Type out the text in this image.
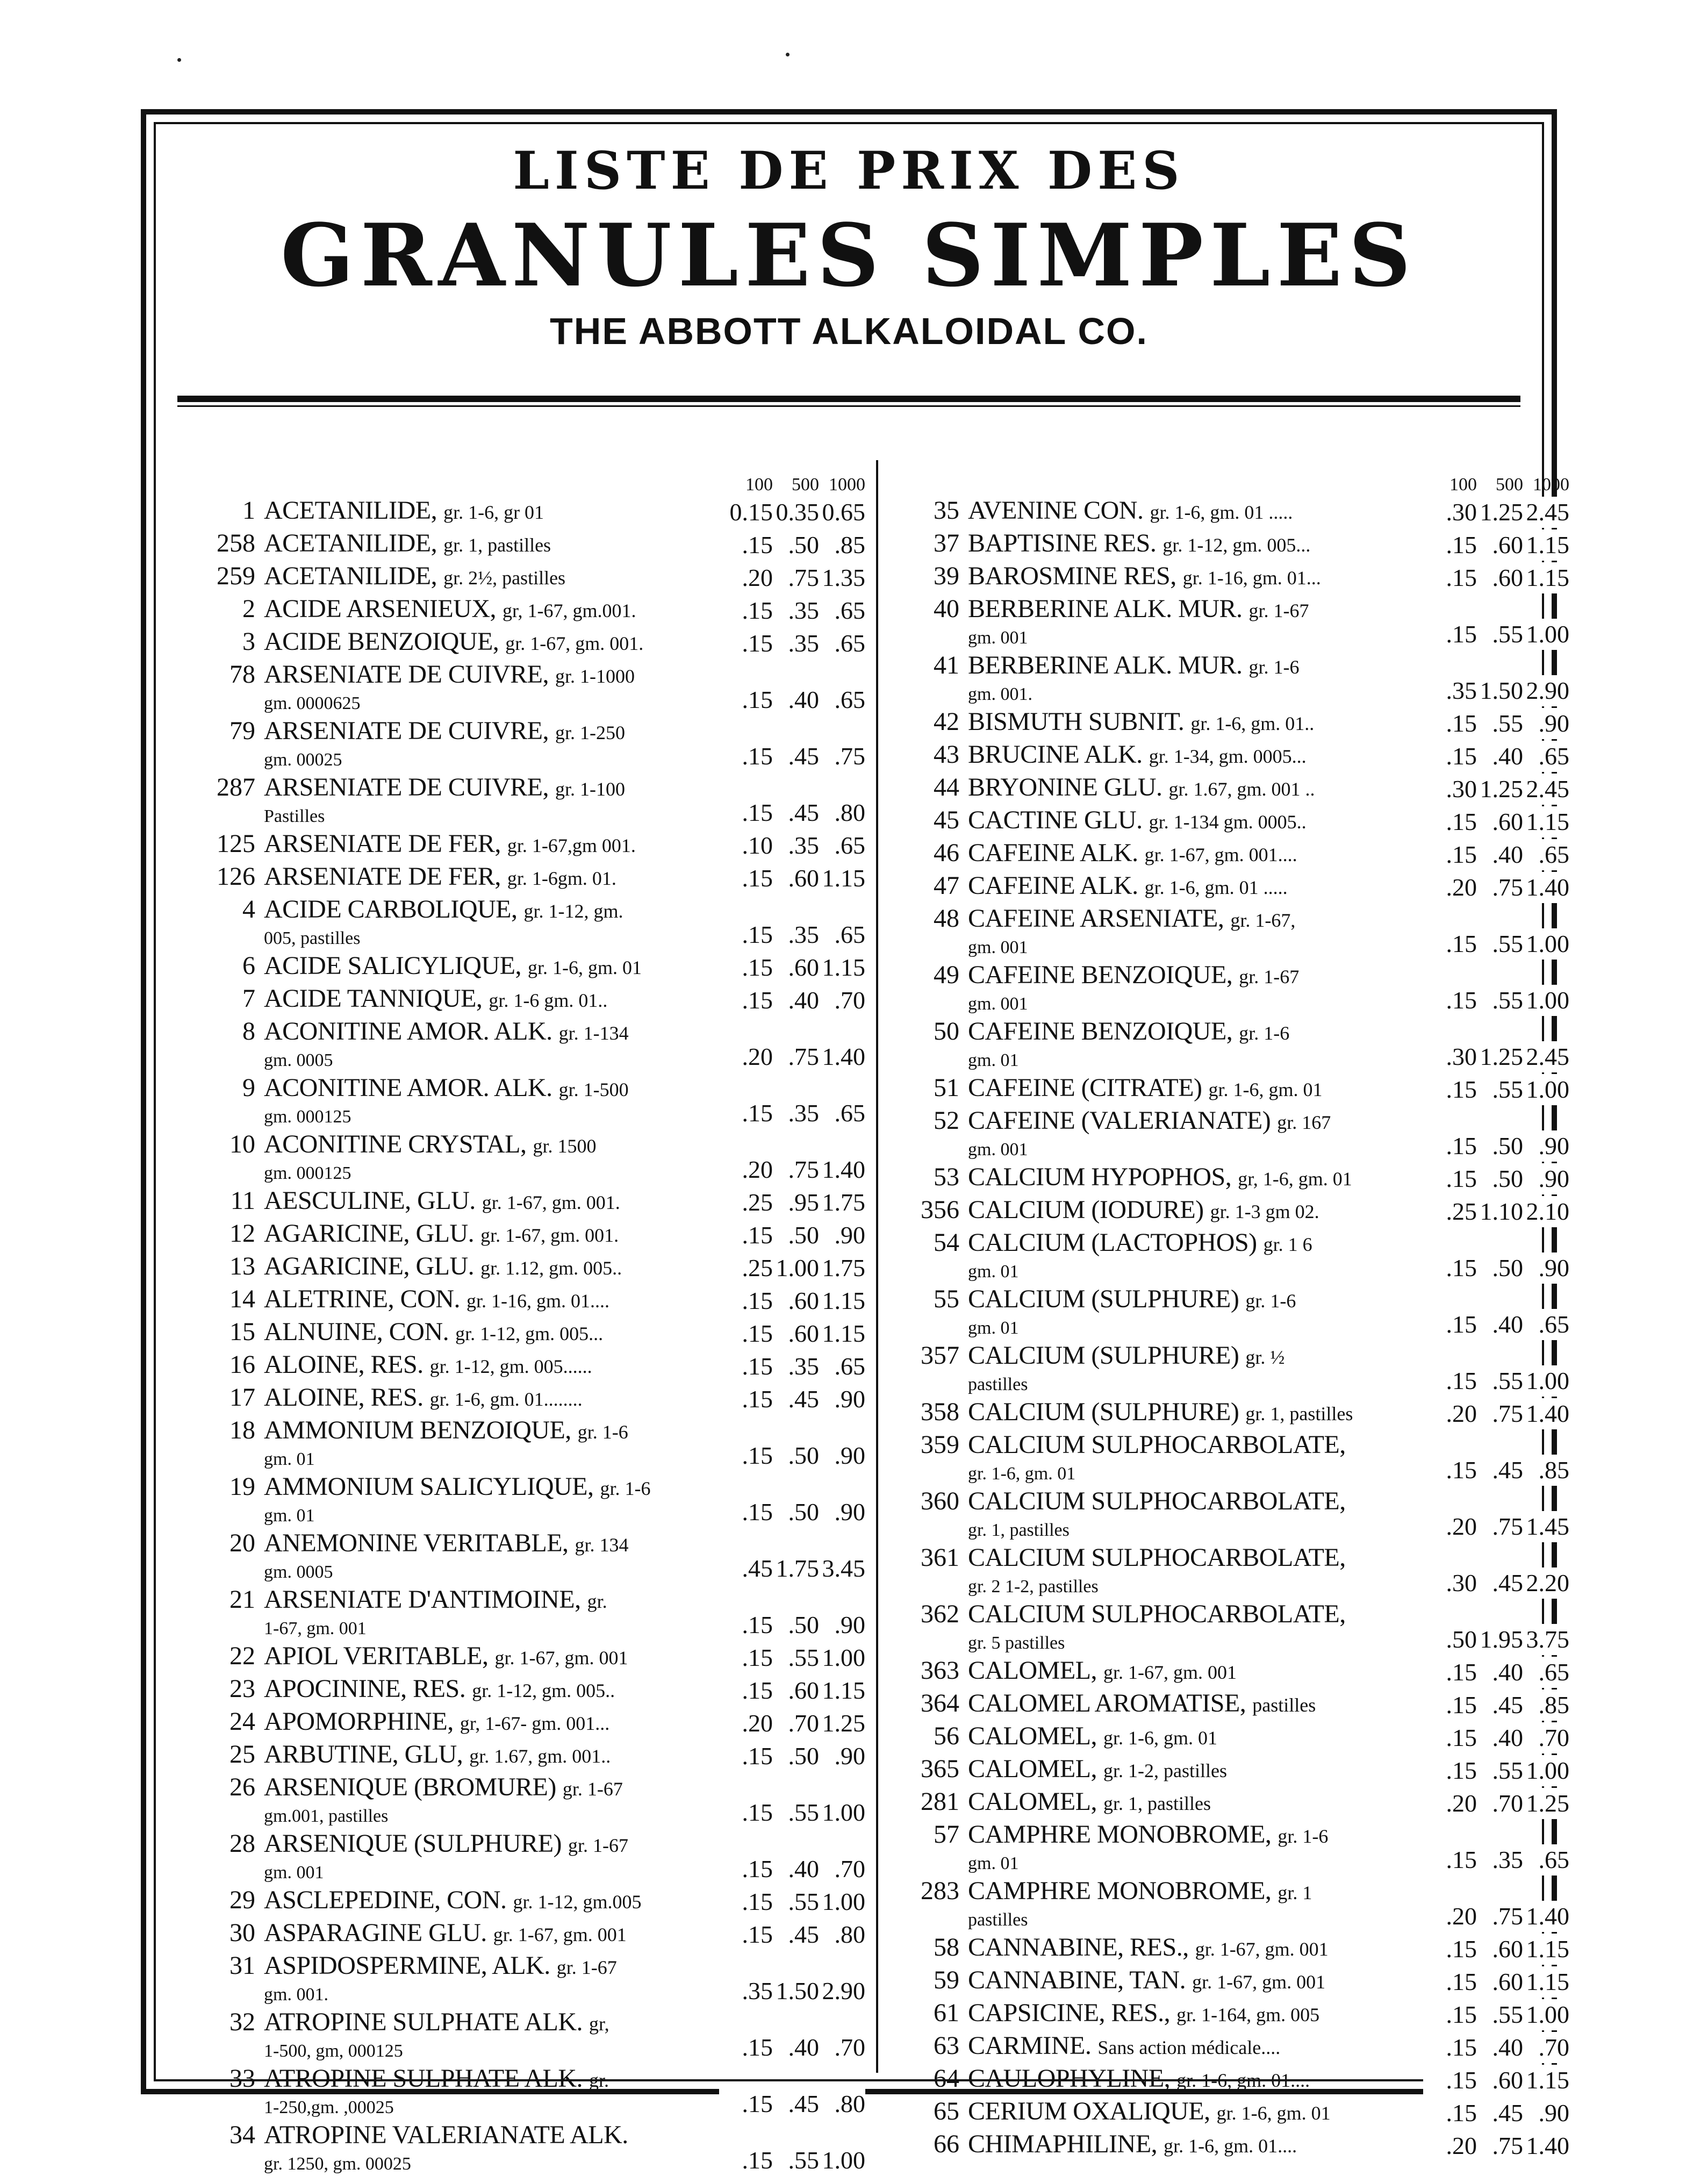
LISTE DE PRIX DES
GRANULES SIMPLES
THE ABBOTT ALKALOIDAL CO.
100	500 1000
1 ACETANILIDE, gr. 1-6, gr 01	0.15 0.35 0.65
258 ACETANILIDE, gr. 1, pastilles	.15 .50 .85
259 ACETANILIDE, gr. 2½, pastilles	.20 .75 1.35
2 ACIDE ARSENIEUX, gr, 1-67, gm.001.	.15 .35 .65
3 ACIDE BENZOIQUE, gr. 1-67, gm. 001.	.15 .35 .65
78 ARSENIATE DE CUIVRE, gr. 1-1000
gm. 0000625	.15 .40 .65
79 ARSENIATE DE CUIVRE, gr. 1-250
gm. 00025	.15 .45 .75
287 ARSENIATE DE CUIVRE, gr. 1-100
Pastilles	.15 .45 .80
125 ARSENIATE DE FER, gr. 1-67,gm 001.	.10 .35 .65
126 ARSENIATE DE FER, gr. 1-6gm. 01.	.15 .60 1.15
4 ACIDE CARBOLIQUE, gr. 1-12, gm.
005, pastilles	.15 .35 .65
6 ACIDE SALICYLIQUE, gr. 1-6, gm. 01	.15 .60 1.15
7 ACIDE TANNIQUE, gr. 1-6 gm. 01..	.15 .40 .70
8 ACONITINE AMOR. ALK. gr. 1-134
gm. 0005	.20 .75 1.40
9 ACONITINE AMOR. ALK. gr. 1-500
gm. 000125	.15 .35 .65
10 ACONITINE CRYSTAL, gr. 1500
gm. 000125	.20 .75 1.40
11 AESCULINE, GLU. gr. 1-67, gm. 001.	.25 .95 1.75
12 AGARICINE, GLU. gr. 1-67, gm. 001.	.15 .50 .90
13 AGARICINE, GLU. gr. 1.12, gm. 005..	.25 1.00 1.75
14 ALETRINE, CON. gr. 1-16, gm. 01....	.15 .60 1.15
15 ALNUINE, CON. gr. 1-12, gm. 005...	.15 .60 1.15
16 ALOINE, RES. gr. 1-12, gm. 005......	.15 .35 .65
17 ALOINE, RES. gr. 1-6, gm. 01........	.15 .45 .90
18 AMMONIUM BENZOIQUE, gr. 1-6
gm. 01	.15 .50 .90
19 AMMONIUM SALICYLIQUE, gr. 1-6
gm. 01	.15 .50 .90
20 ANEMONINE VERITABLE, gr. 134
gm. 0005	.45 1.75 3.45
21 ARSENIATE D'ANTIMOINE, gr.
1-67, gm. 001	.15 .50 .90
22 APIOL VERITABLE, gr. 1-67, gm. 001	.15 .55 1.00
23 APOCININE, RES. gr. 1-12, gm. 005..	.15 .60 1.15
24 APOMORPHINE, gr, 1-67- gm. 001...	.20 .70 1.25
25 ARBUTINE, GLU, gr. 1.67, gm. 001..	.15 .50 .90
26 ARSENIQUE (BROMURE) gr. 1-67
gm.001, pastilles	.15 .55 1.00
28 ARSENIQUE (SULPHURE) gr. 1-67
gm. 001	.15 .40 .70
29 ASCLEPEDINE, CON. gr. 1-12, gm.005	.15 .55 1.00
30 ASPARAGINE GLU. gr. 1-67, gm. 001	.15 .45 .80
31 ASPIDOSPERMINE, ALK. gr. 1-67
gm. 001.	.35 1.50 2.90
32 ATROPINE SULPHATE ALK. gr,
1-500, gm, 000125	.15 .40 .70
33 ATROPINE SULPHATE ALK. gr.
1-250,gm. ,00025	.15 .45 .80
34 ATROPINE VALERIANATE ALK.
gr. 1250, gm. 00025	.15 .55 1.00
100	500 1000
35 AVENINE CON. gr. 1-6, gm. 01 .....	.30 1.25 2.45
37 BAPTISINE RES. gr. 1-12, gm. 005...	.15 .60 1.15
39 BAROSMINE RES, gr. 1-16, gm. 01...	.15 .60 1.15
40 BERBERINE ALK. MUR. gr. 1-67
gm. 001	.15 .55 1.00
41 BERBERINE ALK. MUR. gr. 1-6
gm. 001.	.35 1.50 2.90
42 BISMUTH SUBNIT. gr. 1-6, gm. 01..	.15 .55 .90
43 BRUCINE ALK. gr. 1-34, gm. 0005...	.15 .40 .65
44 BRYONINE GLU. gr. 1.67, gm. 001 ..	.30 1.25 2.45
45 CACTINE GLU. gr. 1-134 gm. 0005..	.15 .60 1.15
46 CAFEINE ALK. gr. 1-67, gm. 001....	.15 .40 .65
47 CAFEINE ALK. gr. 1-6, gm. 01 .....	.20 .75 1.40
48 CAFEINE ARSENIATE, gr. 1-67,
gm. 001	.15 .55 1.00
49 CAFEINE BENZOIQUE, gr. 1-67
gm. 001	.15 .55 1.00
50 CAFEINE BENZOIQUE, gr. 1-6
gm. 01	.30 1.25 2.45
51 CAFEINE (CITRATE) gr. 1-6, gm. 01	.15 .55 1.00
52 CAFEINE (VALERIANATE) gr. 167
gm. 001	.15 .50 .90
53 CALCIUM HYPOPHOS, gr, 1-6, gm. 01	.15 .50 .90
356 CALCIUM (IODURE) gr. 1-3 gm 02.	.25 1.10 2.10
54 CALCIUM (LACTOPHOS) gr. 1 6
gm. 01	.15 .50 .90
55 CALCIUM (SULPHURE) gr. 1-6
gm. 01	.15 .40 .65
357 CALCIUM (SULPHURE) gr. ½
pastilles	.15 .55 1.00
358 CALCIUM (SULPHURE) gr. 1, pastilles	.20 .75 1.40
359 CALCIUM SULPHOCARBOLATE,
gr. 1-6, gm. 01	.15 .45 .85
360 CALCIUM SULPHOCARBOLATE,
gr. 1, pastilles	.20 .75 1.45
361 CALCIUM SULPHOCARBOLATE,
gr. 2 1-2, pastilles	.30 .45 2.20
362 CALCIUM SULPHOCARBOLATE,
gr. 5 pastilles	.50 1.95 3.75
363 CALOMEL, gr. 1-67, gm. 001	.15 .40 .65
364 CALOMEL AROMATISE, pastilles	.15 .45 .85
56 CALOMEL, gr. 1-6, gm. 01	.15 .40 .70
365 CALOMEL, gr. 1-2, pastilles	.15 .55 1.00
281 CALOMEL, gr. 1, pastilles	.20 .70 1.25
57 CAMPHRE MONOBROME, gr. 1-6
gm. 01	.15 .35 .65
283 CAMPHRE MONOBROME, gr. 1
pastilles	.20 .75 1.40
58 CANNABINE, RES., gr. 1-67, gm. 001	.15 .60 1.15
59 CANNABINE, TAN. gr. 1-67, gm. 001	.15 .60 1.15
61 CAPSICINE, RES., gr. 1-164, gm. 005	.15 .55 1.00
63 CARMINE. Sans action médicale....	.15 .40 .70
64 CAULOPHYLINE, gr. 1-6, gm. 01....	.15 .60 1.15
65 CERIUM OXALIQUE, gr. 1-6, gm. 01	.15 .45 .90
66 CHIMAPHILINE, gr. 1-6, gm. 01....	.20 .75 1.40
